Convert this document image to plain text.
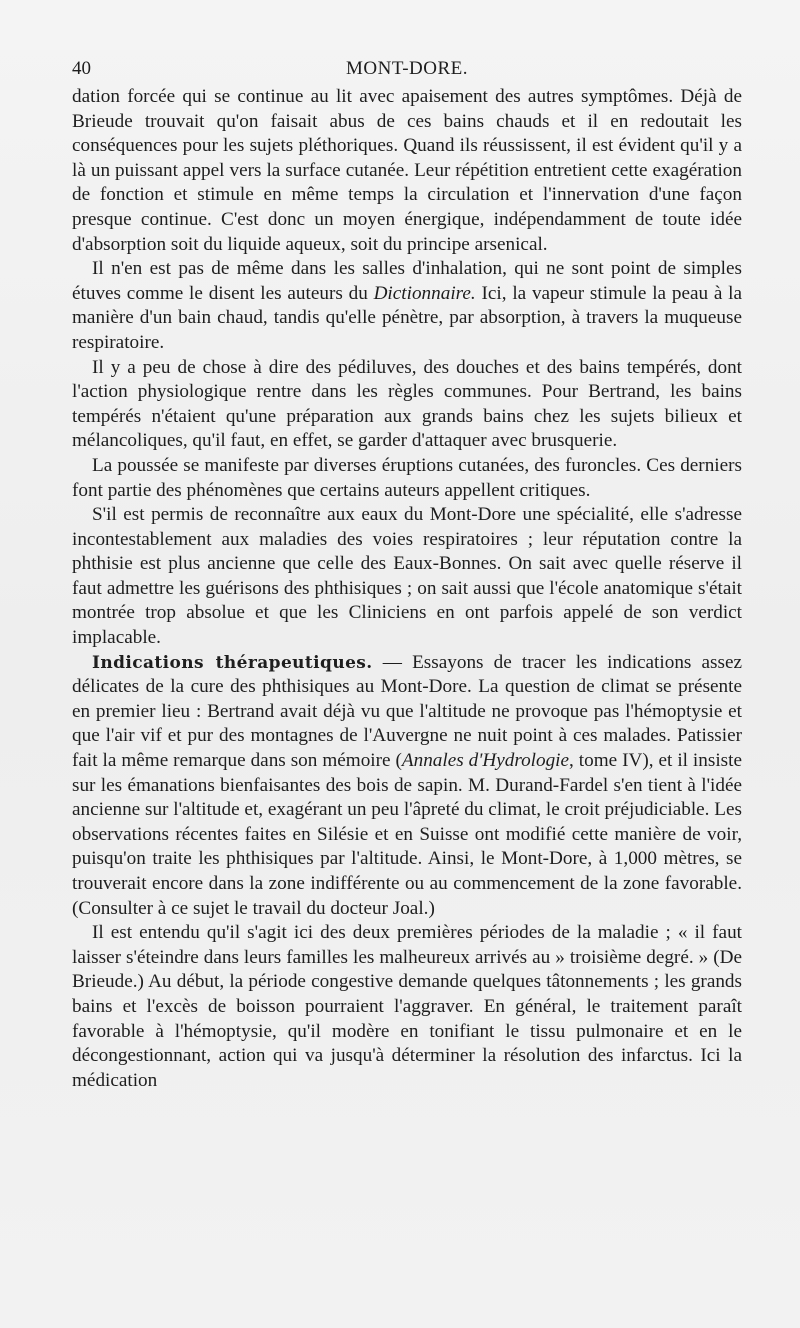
40	MONT-DORE.

dation forcée qui se continue au lit avec apaisement des autres symptômes. Déjà de Brieude trouvait qu'on faisait abus de ces bains chauds et il en redoutait les conséquences pour les sujets pléthoriques. Quand ils réussissent, il est évident qu'il y a là un puissant appel vers la surface cutanée. Leur répétition entretient cette exagération de fonction et stimule en même temps la circulation et l'innervation d'une façon presque continue. C'est donc un moyen énergique, indépendamment de toute idée d'absorption soit du liquide aqueux, soit du principe arsenical.

Il n'en est pas de même dans les salles d'inhalation, qui ne sont point de simples étuves comme le disent les auteurs du Dictionnaire. Ici, la vapeur stimule la peau à la manière d'un bain chaud, tandis qu'elle pénètre, par absorption, à travers la muqueuse respiratoire.

Il y a peu de chose à dire des pédiluves, des douches et des bains tempérés, dont l'action physiologique rentre dans les règles communes. Pour Bertrand, les bains tempérés n'étaient qu'une préparation aux grands bains chez les sujets bilieux et mélancoliques, qu'il faut, en effet, se garder d'attaquer avec brusquerie.

La poussée se manifeste par diverses éruptions cutanées, des furoncles. Ces derniers font partie des phénomènes que certains auteurs appellent critiques.

S'il est permis de reconnaître aux eaux du Mont-Dore une spécialité, elle s'adresse incontestablement aux maladies des voies respiratoires ; leur réputation contre la phthisie est plus ancienne que celle des Eaux-Bonnes. On sait avec quelle réserve il faut admettre les guérisons des phthisiques ; on sait aussi que l'école anatomique s'était montrée trop absolue et que les Cliniciens en ont parfois appelé de son verdict implacable.

Indications thérapeutiques. — Essayons de tracer les indications assez délicates de la cure des phthisiques au Mont-Dore. La question de climat se présente en premier lieu : Bertrand avait déjà vu que l'altitude ne provoque pas l'hémoptysie et que l'air vif et pur des montagnes de l'Auvergne ne nuit point à ces malades. Patissier fait la même remarque dans son mémoire (Annales d'Hydrologie, tome IV), et il insiste sur les émanations bienfaisantes des bois de sapin. M. Durand-Fardel s'en tient à l'idée ancienne sur l'altitude et, exagérant un peu l'âpreté du climat, le croit préjudiciable. Les observations récentes faites en Silésie et en Suisse ont modifié cette manière de voir, puisqu'on traite les phthisiques par l'altitude. Ainsi, le Mont-Dore, à 1,000 mètres, se trouverait encore dans la zone indifférente ou au commencement de la zone favorable. (Consulter à ce sujet le travail du docteur Joal.)

Il est entendu qu'il s'agit ici des deux premières périodes de la maladie ; « il faut laisser s'éteindre dans leurs familles les malheureux arrivés au » troisième degré. » (De Brieude.) Au début, la période congestive demande quelques tâtonnements ; les grands bains et l'excès de boisson pourraient l'aggraver. En général, le traitement paraît favorable à l'hémoptysie, qu'il modère en tonifiant le tissu pulmonaire et en le décongestionnant, action qui va jusqu'à déterminer la résolution des infarctus. Ici la médication
